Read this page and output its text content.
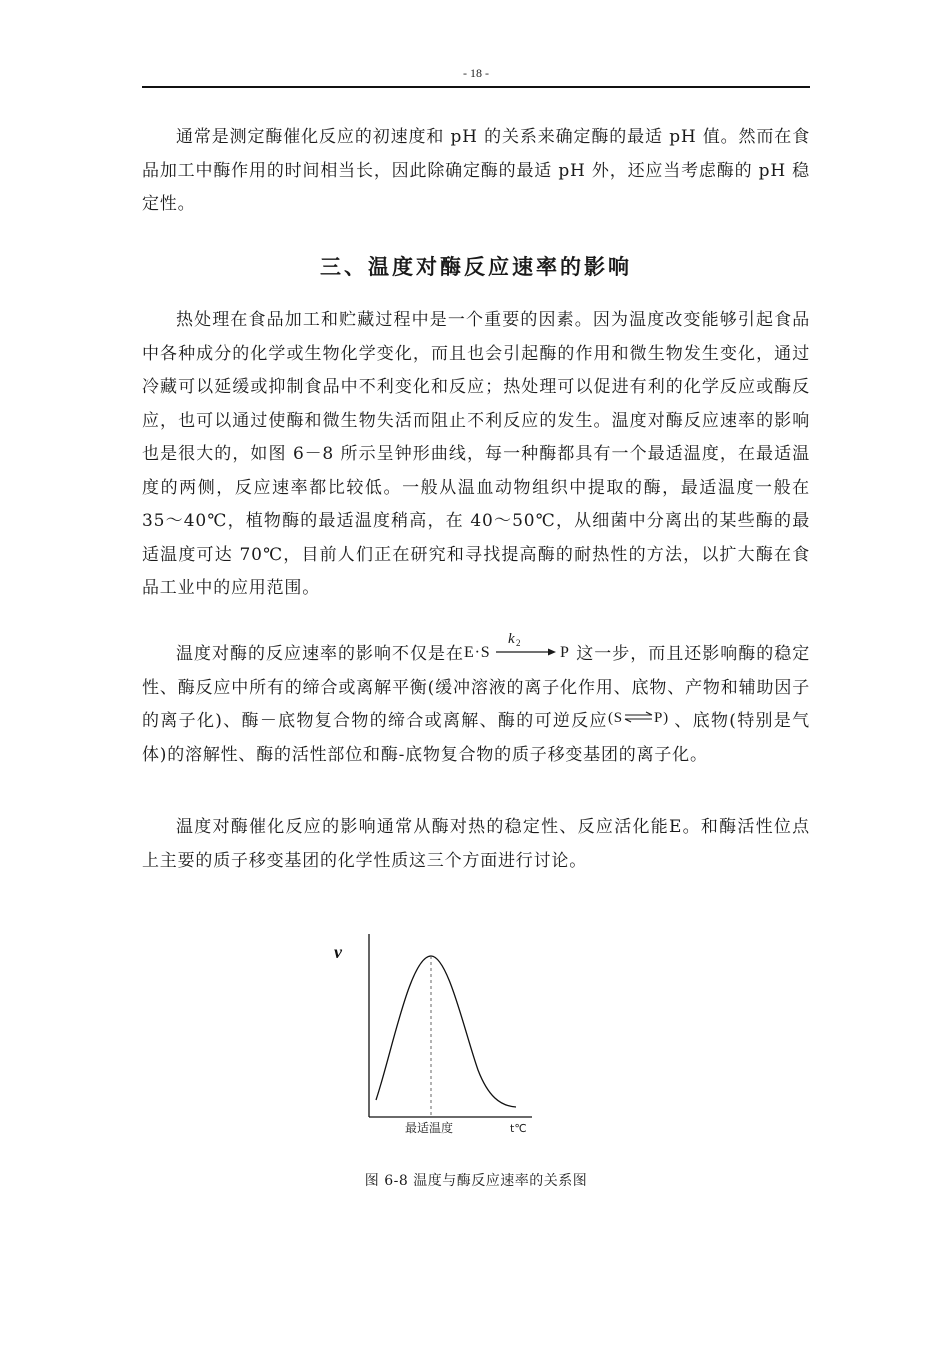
- 18 -

通常是测定酶催化反应的初速度和 pH 的关系来确定酶的最适 pH 值。然而在食品加工中酶作用的时间相当长，因此除确定酶的最适 pH 外，还应当考虑酶的 pH 稳定性。

三、温度对酶反应速率的影响

热处理在食品加工和贮藏过程中是一个重要的因素。因为温度改变能够引起食品中各种成分的化学或生物化学变化，而且也会引起酶的作用和微生物发生变化，通过冷藏可以延缓或抑制食品中不利变化和反应；热处理可以促进有利的化学反应或酶反应，也可以通过使酶和微生物失活而阻止不利反应的发生。温度对酶反应速率的影响也是很大的，如图 6－8 所示呈钟形曲线，每一种酶都具有一个最适温度，在最适温度的两侧，反应速率都比较低。一般从温血动物组织中提取的酶，最适温度一般在 35～40℃，植物酶的最适温度稍高，在 40～50℃，从细菌中分离出的某些酶的最适温度可达 70℃，目前人们正在研究和寻找提高酶的耐热性的方法，以扩大酶在食品工业中的应用范围。

温度对酶的反应速率的影响不仅是在 E·S
k 2
P 这一步，而且还影响酶的稳定性、酶反应中所有的缔合或离解平衡(缓冲溶液的离子化作用、底物、产物和辅助因子的离子化)、酶－底物复合物的缔合或离解、酶的可逆反应 (S P) 、底物(特别是气体)的溶解性、酶的活性部位和酶-底物复合物的质子移变基团的离子化。

温度对酶催化反应的影响通常从酶对热的稳定性、反应活化能E。和酶活性位点上主要的质子移变基团的化学性质这三个方面进行讨论。

v
最适温度	t℃
图 6-8 温度与酶反应速率的关系图
